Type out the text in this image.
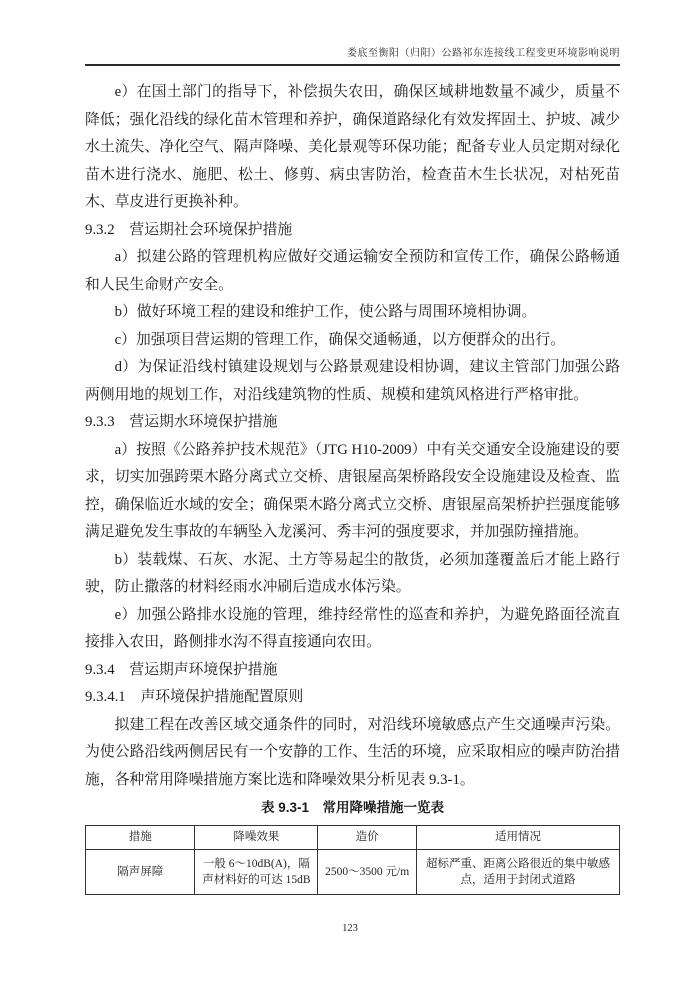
娄底至衡阳（归阳）公路祁东连接线工程变更环境影响说明

e）在国土部门的指导下，补偿损失农田，确保区域耕地数量不减少，质量不降低；强化沿线的绿化苗木管理和养护，确保道路绿化有效发挥固土、护坡、减少水土流失、净化空气、隔声降噪、美化景观等环保功能；配备专业人员定期对绿化苗木进行浇水、施肥、松土、修剪、病虫害防治，检查苗木生长状况，对枯死苗木、草皮进行更换补种。

9.3.2　营运期社会环境保护措施

a）拟建公路的管理机构应做好交通运输安全预防和宣传工作，确保公路畅通和人民生命财产安全。

b）做好环境工程的建设和维护工作，使公路与周围环境相协调。

c）加强项目营运期的管理工作，确保交通畅通，以方便群众的出行。

d）为保证沿线村镇建设规划与公路景观建设相协调，建议主管部门加强公路两侧用地的规划工作，对沿线建筑物的性质、规模和建筑风格进行严格审批。

9.3.3　营运期水环境保护措施

a）按照《公路养护技术规范》（JTG H10-2009）中有关交通安全设施建设的要求，切实加强跨栗木路分离式立交桥、唐银屋高架桥路段安全设施建设及检查、监控，确保临近水域的安全；确保栗木路分离式立交桥、唐银屋高架桥护拦强度能够满足避免发生事故的车辆坠入龙溪河、秀丰河的强度要求，并加强防撞措施。

b）装载煤、石灰、水泥、土方等易起尘的散货，必须加蓬覆盖后才能上路行驶，防止撒落的材料经雨水冲刷后造成水体污染。

e）加强公路排水设施的管理，维持经常性的巡查和养护，为避免路面径流直接排入农田，路侧排水沟不得直接通向农田。

9.3.4　营运期声环境保护措施

9.3.4.1　声环境保护措施配置原则

拟建工程在改善区域交通条件的同时，对沿线环境敏感点产生交通噪声污染。为使公路沿线两侧居民有一个安静的工作、生活的环境，应采取相应的噪声防治措施，各种常用降噪措施方案比选和降噪效果分析见表 9.3-1。

表 9.3-1　常用降噪措施一览表

措施	降噪效果	造价	适用情况
隔声屏障	一般 6～10dB(A)，隔声材料好的可达 15dB	2500～3500 元/m	超标严重、距离公路很近的集中敏感点，适用于封闭式道路
123
